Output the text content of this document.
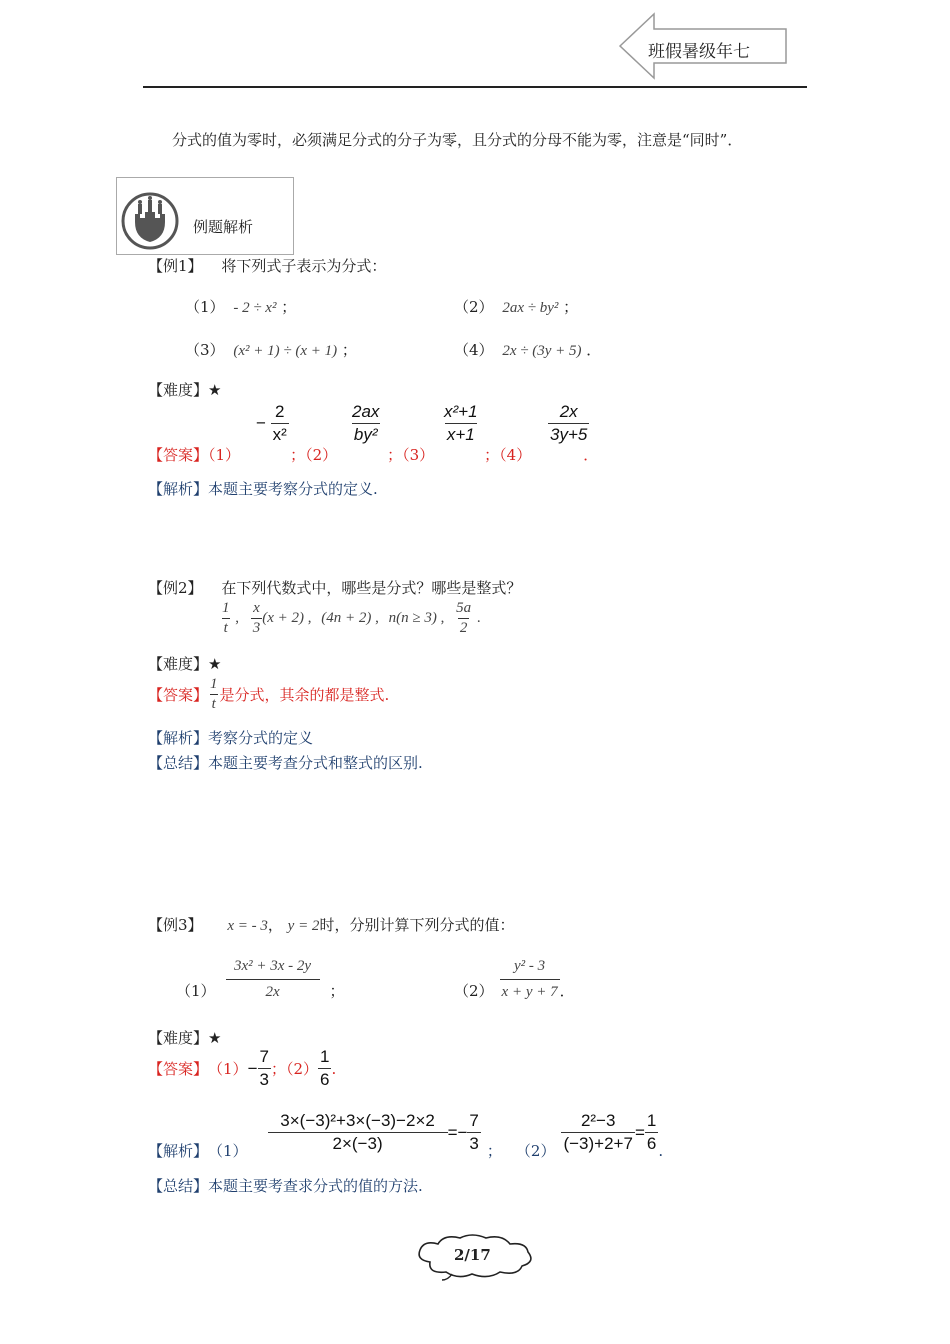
班假暑级年七
分式的值为零时，必须满足分式的分子为零，且分式的分母不能为零，注意是“同时”．
例题解析
【例1】 将下列式子表示为分式：
（1） - 2 ÷ x² ；	（2） 2ax ÷ by² ；
（3） (x² + 1) ÷ (x + 1) ；	（4） 2x ÷ (3y + 5) ．
【难度】★
− $\frac{2}{\text{x²}}$	$\frac{2ax}{\text{by²}}$	$\frac{\text{x²+1}}{x+1}$	$\frac{2x}{3y+5}$
【答案】（1）	；（2）	；（3）	；（4）	．
【解析】本题主要考察分式的定义.
【例2】 在下列代数式中，哪些是分式？哪些是整式？
$\frac{1}{t}$ , $\frac{x}{3} (x + 2)$ , (4n + 2) , n(n ≥ 3) , $\frac{5a}{2}$ .
【难度】★
【答案】 $\frac{1}{t}$ 是分式，其余的都是整式.
【解析】考察分式的定义
【总结】本题主要考查分式和整式的区别.
【例3】 x = - 3， y = 2时，分别计算下列分式的值：
$(1) \frac{\text{3x² + 3x - 2y}}{2x}$ ；	$(2) \frac{\text{y² - 3}}{x + y + 7}$ ．
【难度】★
【答案】 $(1) - \frac{7}{3}$ ；$(2) \frac{1}{6}$ .
【解析】 $(1) \frac{\text{3×(−3)²+3×(−3)−2×2}}{2\times(-3)} =- \frac{7}{3}$ ； $(2) \frac{\text{2²−3}}{(-3)+2+7} = \frac{1}{6}$ .
【总结】本题主要考查求分式的值的方法.
2/17
